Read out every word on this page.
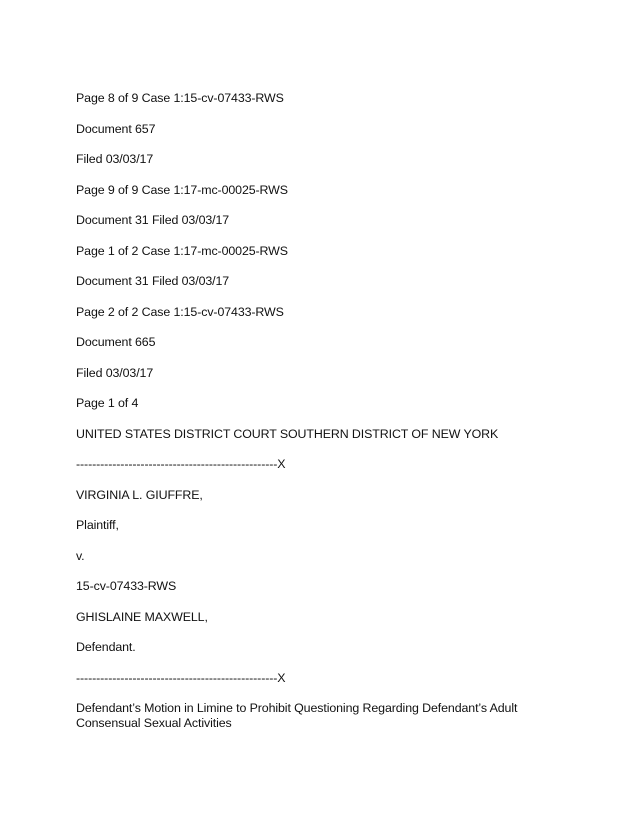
Page 8 of 9 Case 1:15-cv-07433-RWS
Document 657
Filed 03/03/17
Page 9 of 9 Case 1:17-mc-00025-RWS
Document 31 Filed 03/03/17
Page 1 of 2 Case 1:17-mc-00025-RWS
Document 31 Filed 03/03/17
Page 2 of 2 Case 1:15-cv-07433-RWS
Document 665
Filed 03/03/17
Page 1 of 4
UNITED STATES DISTRICT COURT SOUTHERN DISTRICT OF NEW YORK
--------------------------------------------------X
VIRGINIA L. GIUFFRE,
Plaintiff,
v.
15-cv-07433-RWS
GHISLAINE MAXWELL,
Defendant.
--------------------------------------------------X
Defendant’s Motion in Limine to Prohibit Questioning Regarding Defendant’s Adult Consensual Sexual Activities
